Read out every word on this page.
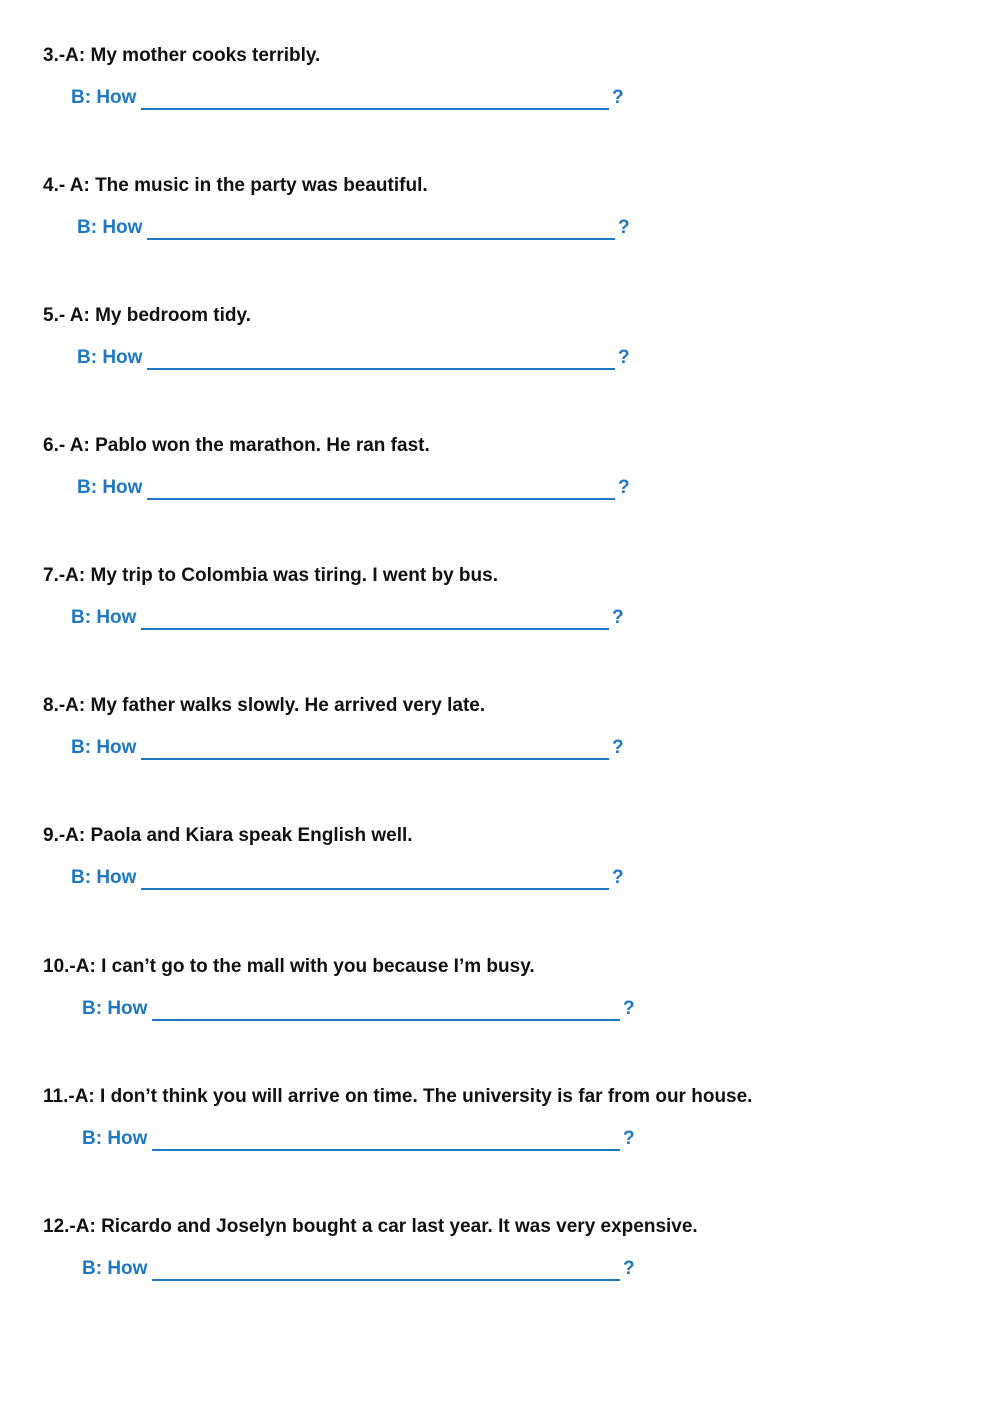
3.-A: My mother cooks terribly.
B: How	?
4.- A: The music in the party was beautiful.
B: How	?
5.- A: My bedroom tidy.
B: How	?
6.- A: Pablo won the marathon. He ran fast.
B: How	?
7.-A: My trip to Colombia was tiring. I went by bus.
B: How	?
8.-A: My father walks slowly. He arrived very late.
B: How	?
9.-A: Paola and Kiara speak English well.
B: How	?
10.-A: I can’t go to the mall with you because I’m busy.
B: How	?
11.-A: I don’t think you will arrive on time. The university is far from our house.
B: How	?
12.-A: Ricardo and Joselyn bought a car last year. It was very expensive.
B: How	?
